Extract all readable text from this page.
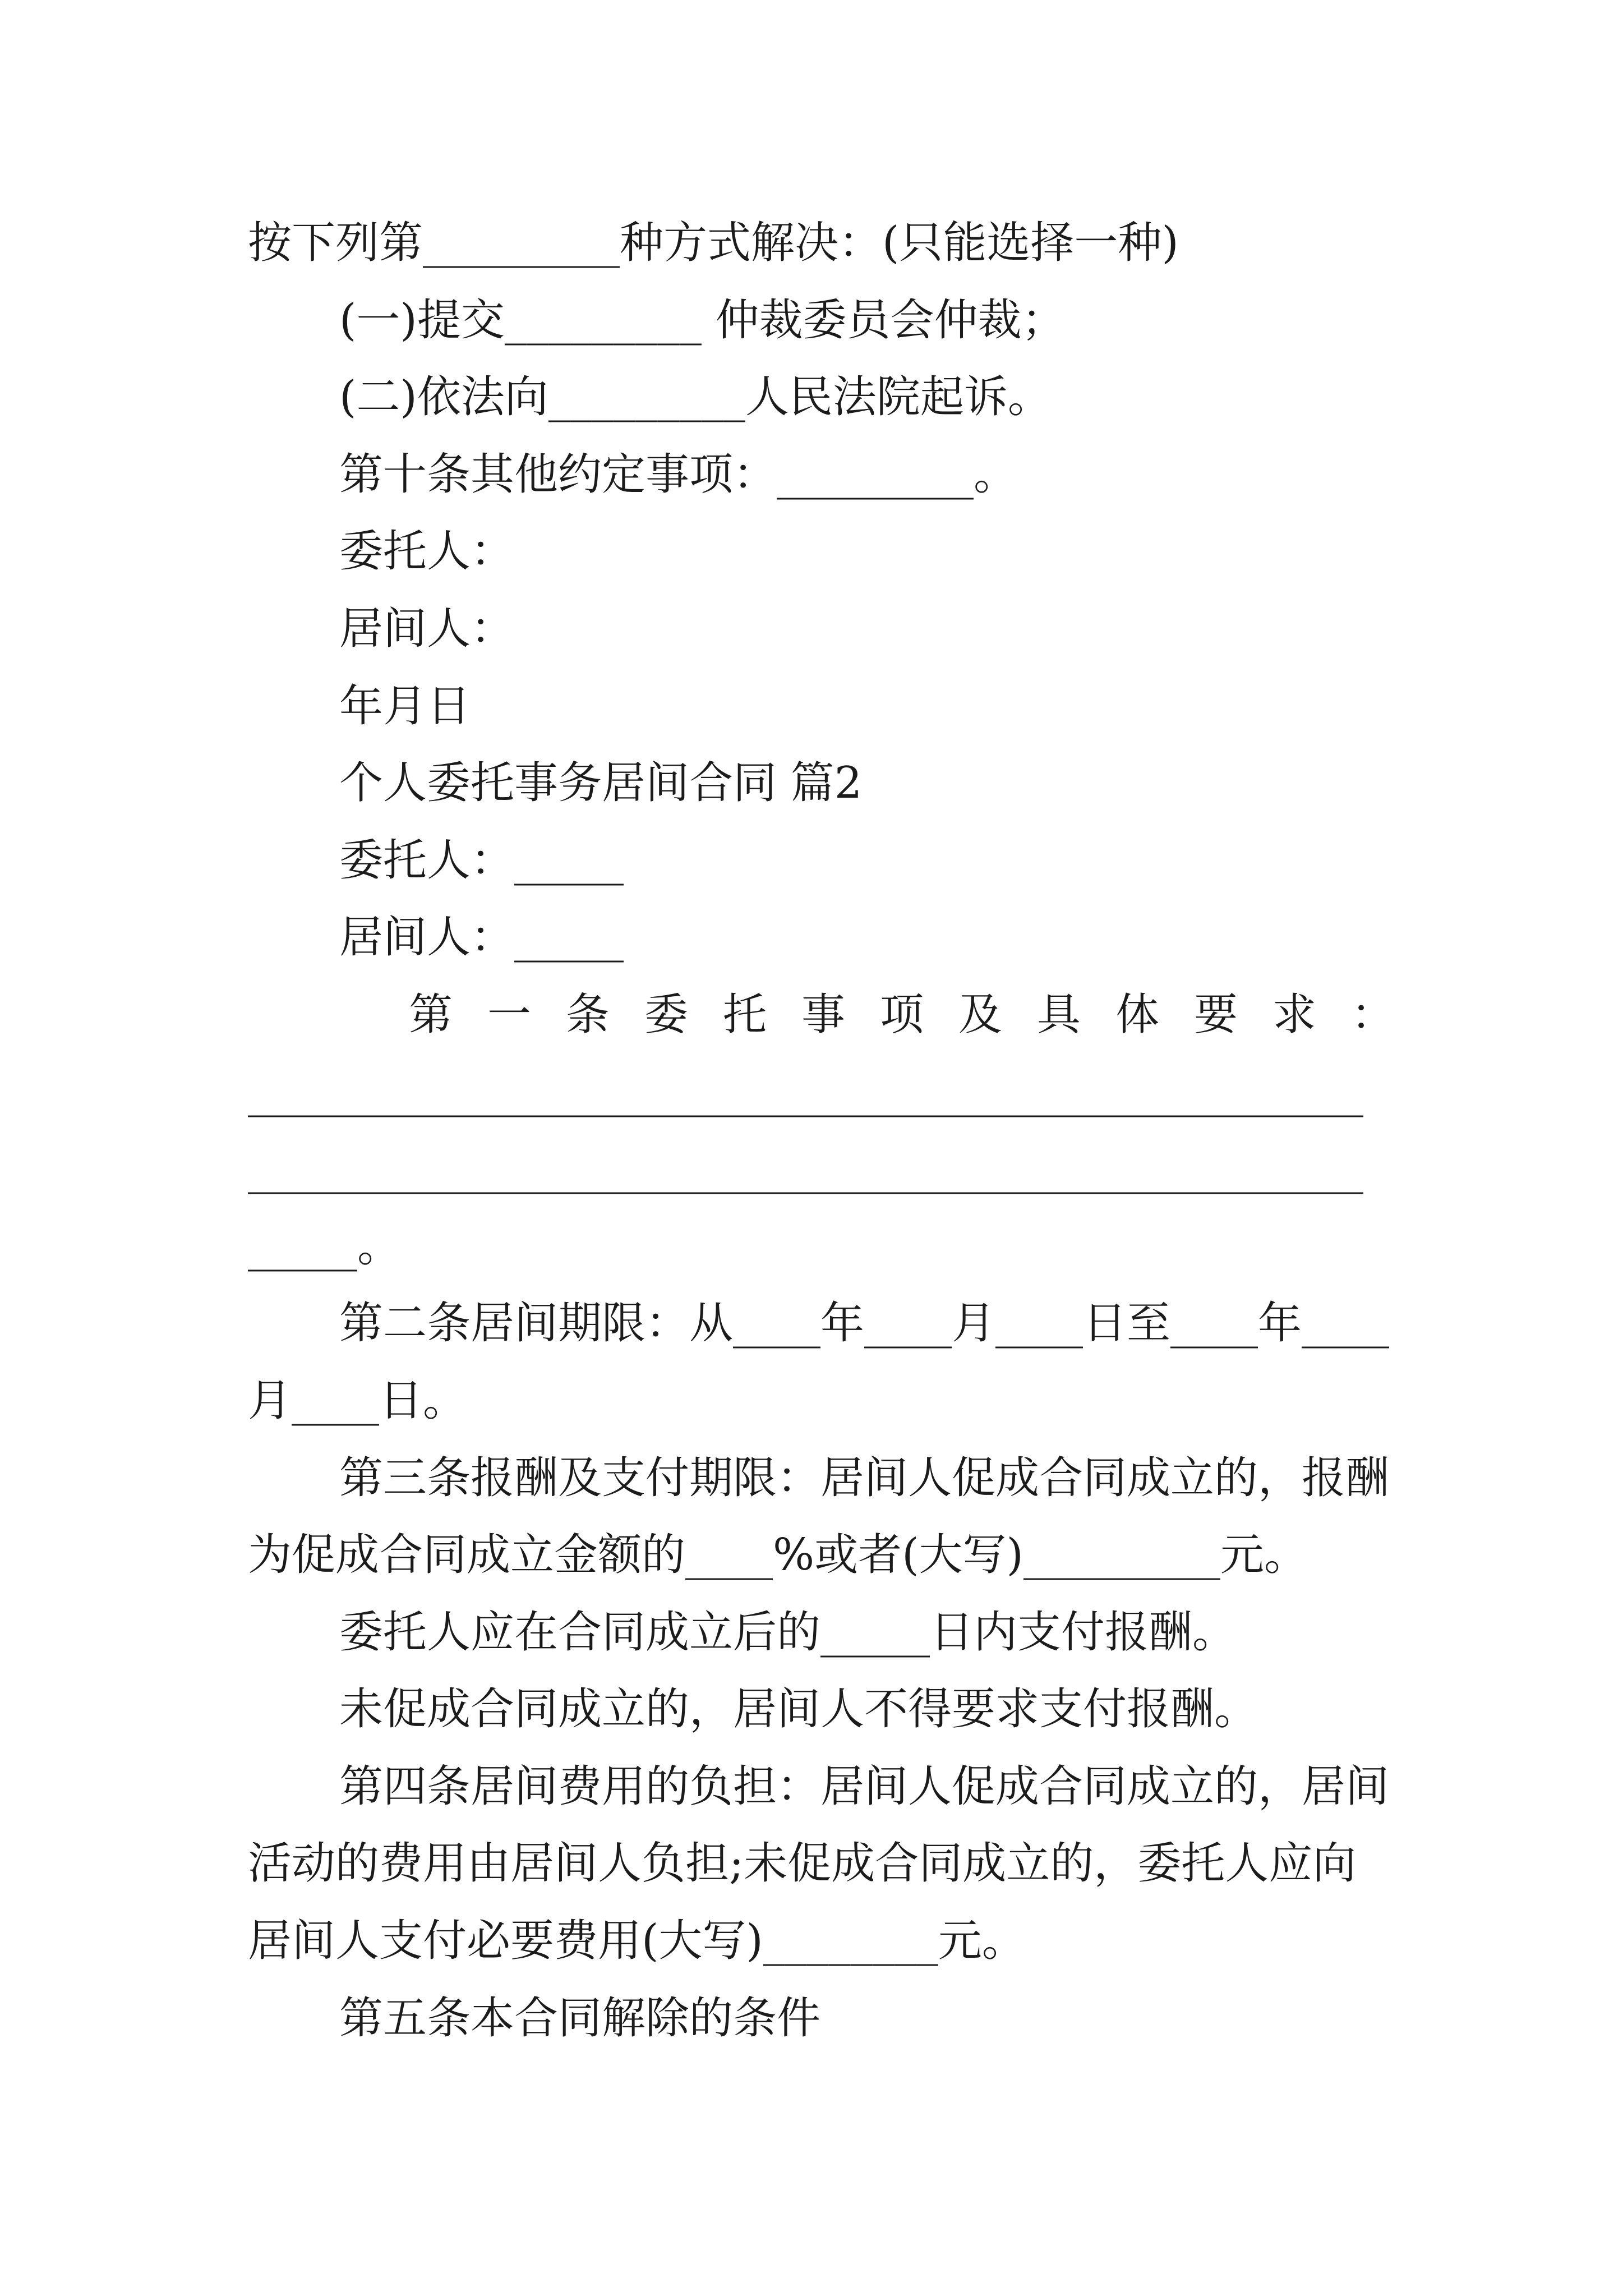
按下列第_________种方式解决：(只能选择一种)
(一)提交_________ 仲裁委员会仲裁；
(二)依法向_________人民法院起诉。
第十条其他约定事项：_________。
委托人：
居间人：
年月日
个人委托事务居间合同 篇2
委托人：_____
居间人：_____
第一条委托事项及具体要求：
___________________________________________________
___________________________________________________
_____。
第二条居间期限：从____年____月____日至____年____
月____日。
第三条报酬及支付期限：居间人促成合同成立的，报酬
为促成合同成立金额的____%或者(大写)_________元。
委托人应在合同成立后的_____日内支付报酬。
未促成合同成立的，居间人不得要求支付报酬。
第四条居间费用的负担：居间人促成合同成立的，居间
活动的费用由居间人负担;未促成合同成立的，委托人应向
居间人支付必要费用(大写)________元。
第五条本合同解除的条件
